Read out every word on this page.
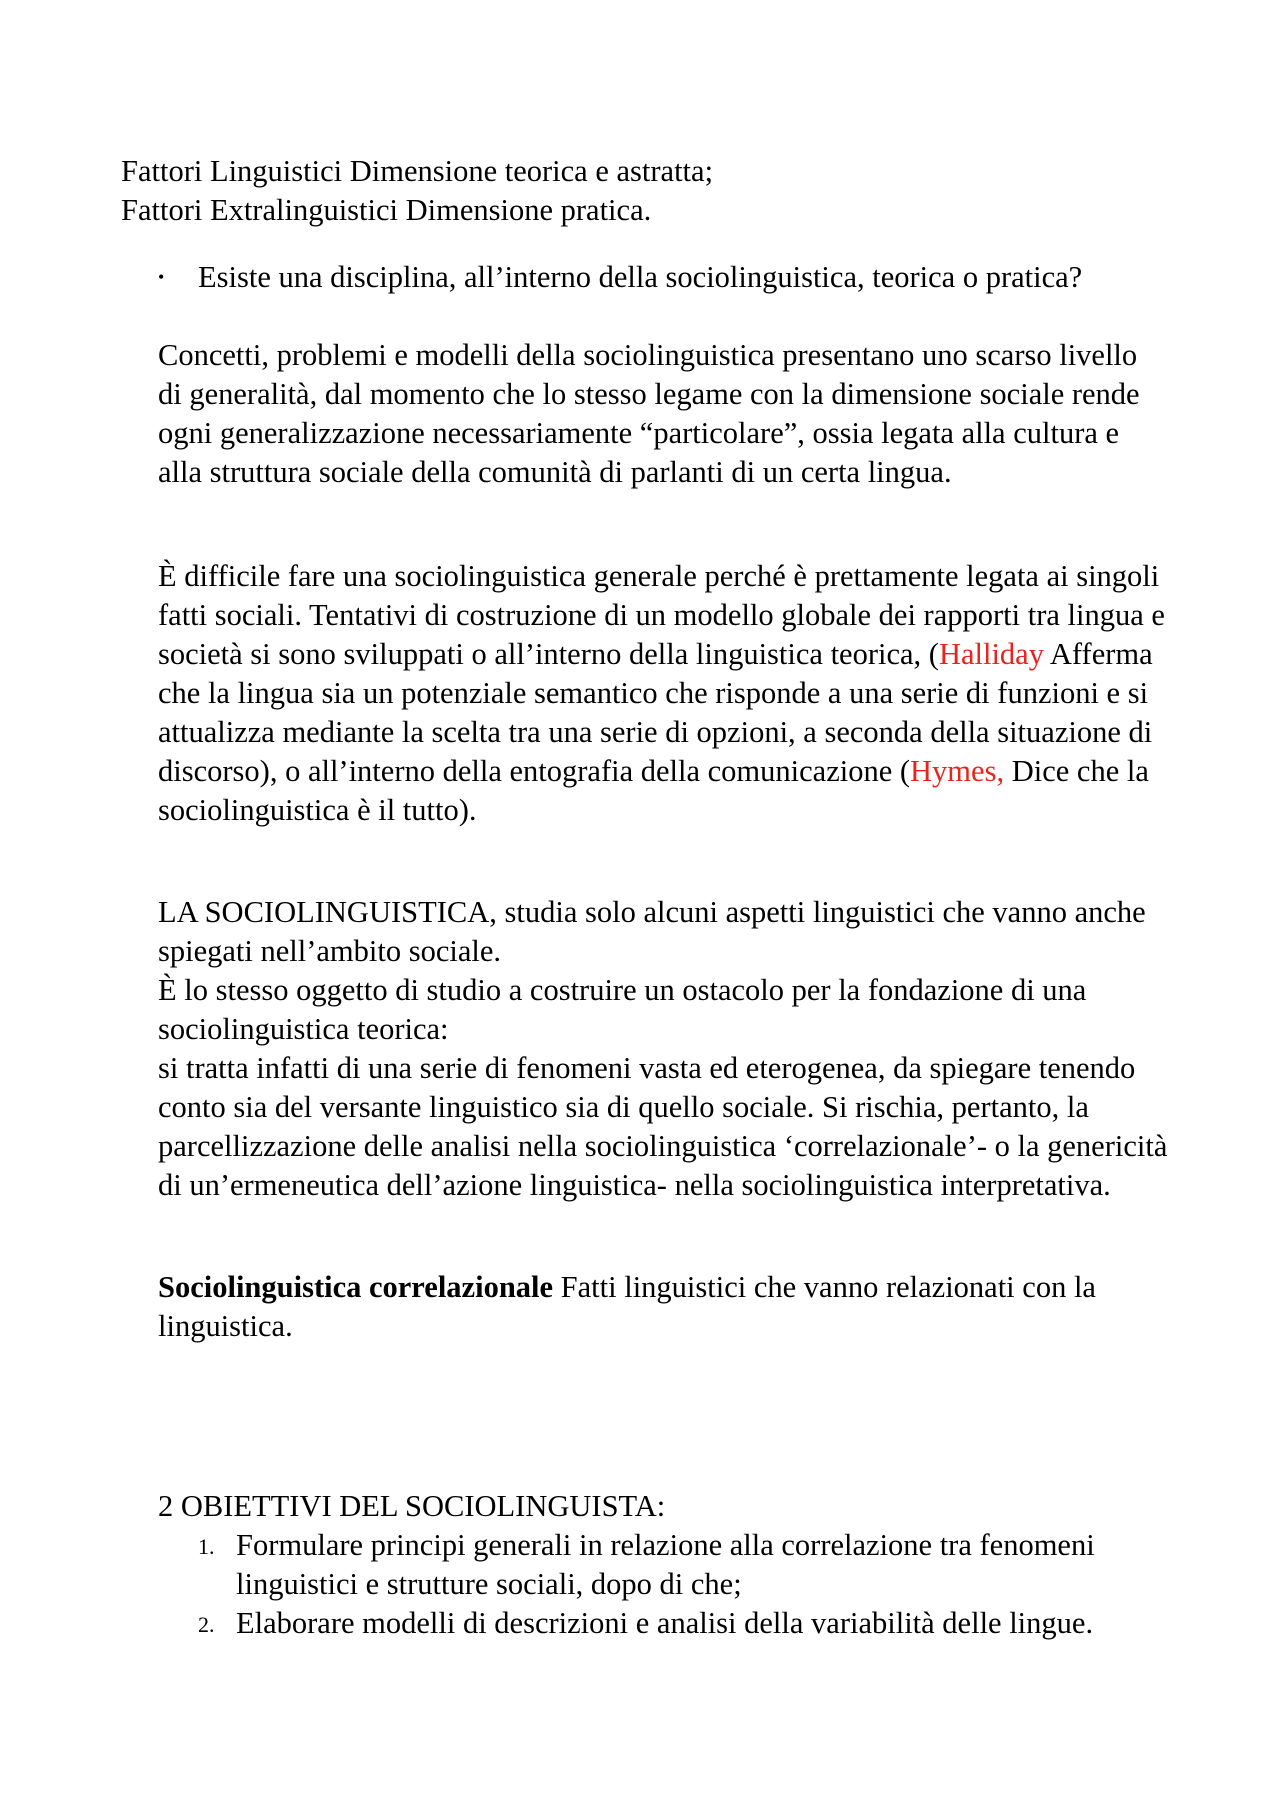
Fattori Linguistici Dimensione teorica e astratta;

Fattori Extralinguistici Dimensione pratica.

• Esiste una disciplina, all’interno della sociolinguistica, teorica o pratica?

Concetti, problemi e modelli della sociolinguistica presentano uno scarso livello di generalità, dal momento che lo stesso legame con la dimensione sociale rende ogni generalizzazione necessariamente “particolare”, ossia legata alla cultura e alla struttura sociale della comunità di parlanti di un certa lingua.

È difficile fare una sociolinguistica generale perché è prettamente legata ai singoli fatti sociali. Tentativi di costruzione di un modello globale dei rapporti tra lingua e società si sono sviluppati o all’interno della linguistica teorica, (Halliday Afferma che la lingua sia un potenziale semantico che risponde a una serie di funzioni e si attualizza mediante la scelta tra una serie di opzioni, a seconda della situazione di discorso), o all’interno della entografia della comunicazione (Hymes, Dice che la sociolinguistica è il tutto).

LA SOCIOLINGUISTICA, studia solo alcuni aspetti linguistici che vanno anche spiegati nell’ambito sociale.

È lo stesso oggetto di studio a costruire un ostacolo per la fondazione di una sociolinguistica teorica:

si tratta infatti di una serie di fenomeni vasta ed eterogenea, da spiegare tenendo conto sia del versante linguistico sia di quello sociale. Si rischia, pertanto, la parcellizzazione delle analisi nella sociolinguistica ‘correlazionale’- o la genericità di un’ermeneutica dell’azione linguistica- nella sociolinguistica interpretativa.

Sociolinguistica correlazionale Fatti linguistici che vanno relazionati con la linguistica.

2 OBIETTIVI DEL SOCIOLINGUISTA:

1. Formulare principi generali in relazione alla correlazione tra fenomeni linguistici e strutture sociali, dopo di che;
2. Elaborare modelli di descrizioni e analisi della variabilità delle lingue.
